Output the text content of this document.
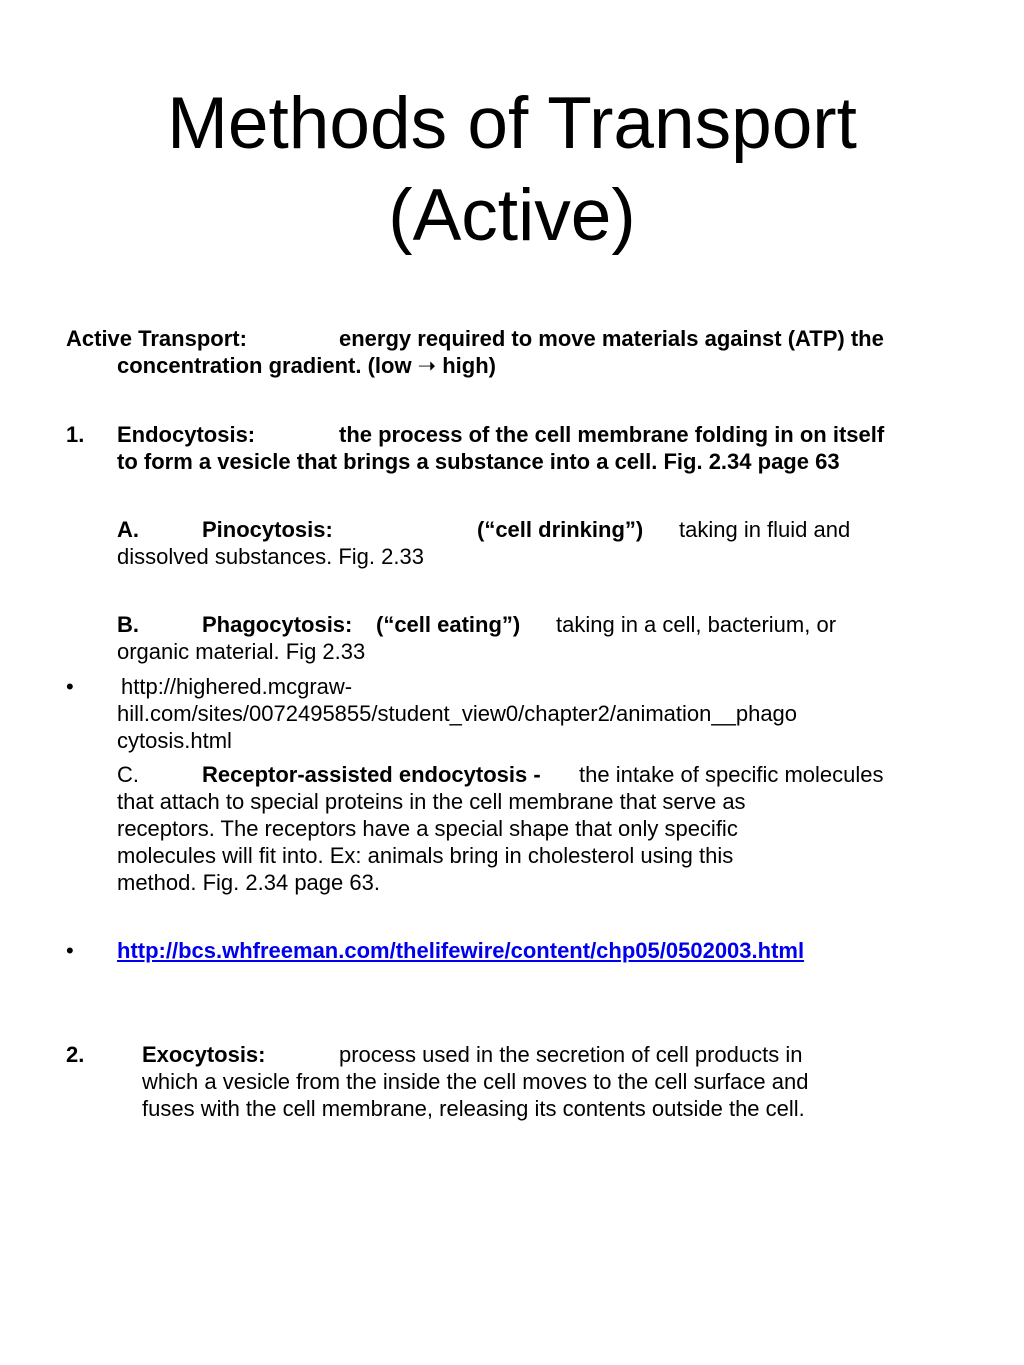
Methods of Transport
(Active)
Active Transport:	energy required to move materials against (ATP) the
concentration gradient. (low ➝ high)
1. Endocytosis:	the process of the cell membrane folding in on itself
to form a vesicle that brings a substance into a cell. Fig. 2.34 page 63
A.	Pinocytosis:	(“cell drinking”) taking in fluid and
dissolved substances. Fig. 2.33
B.	Phagocytosis: (“cell eating”) taking in a cell, bacterium, or
organic material. Fig 2.33
• http://highered.mcgraw-
hill.com/sites/0072495855/student_view0/chapter2/animation__phago
cytosis.html
C.	Receptor-assisted endocytosis - the intake of specific molecules
that attach to special proteins in the cell membrane that serve as
receptors. The receptors have a special shape that only specific
molecules will fit into. Ex: animals bring in cholesterol using this
method. Fig. 2.34 page 63.
• http://bcs.whfreeman.com/thelifewire/content/chp05/0502003.html
2.	Exocytosis:	process used in the secretion of cell products in
which a vesicle from the inside the cell moves to the cell surface and
fuses with the cell membrane, releasing its contents outside the cell.
